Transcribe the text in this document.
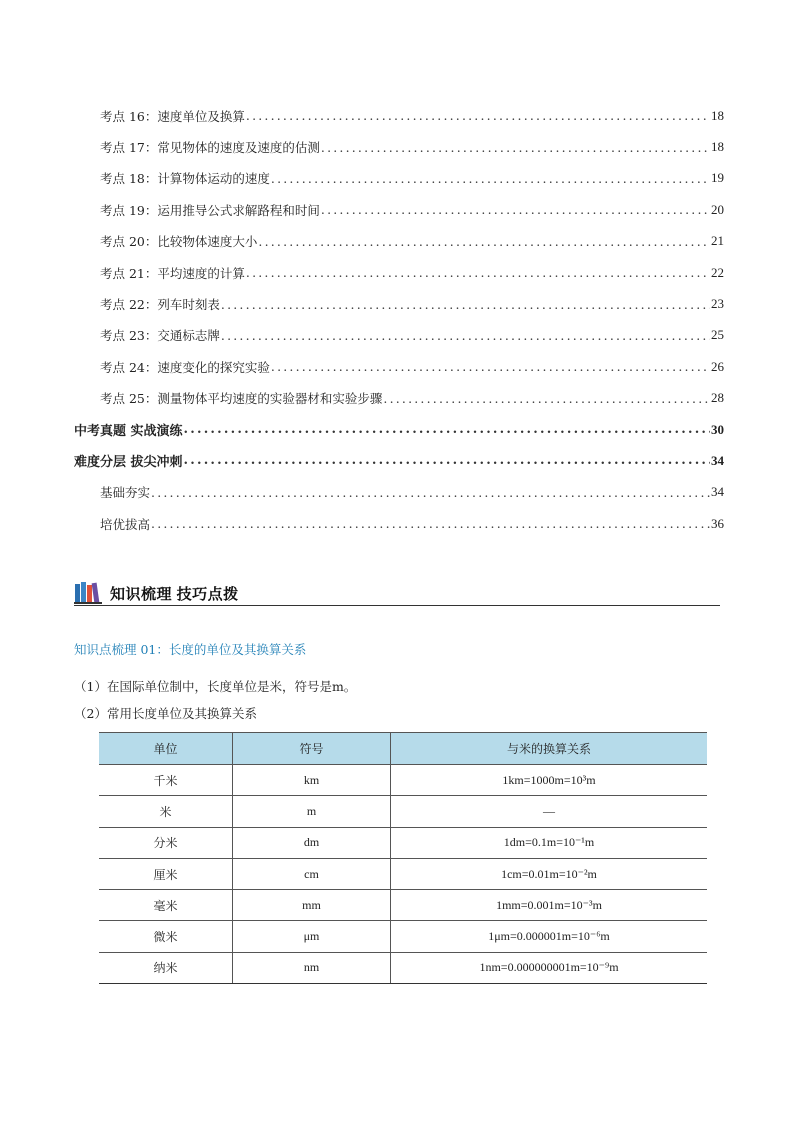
考点 16：速度单位及换算 .....	18
考点 17：常见物体的速度及速度的估测 .....	18
考点 18：计算物体运动的速度 .....	19
考点 19：运用推导公式求解路程和时间 .....	20
考点 20：比较物体速度大小 .....	21
考点 21：平均速度的计算 .....	22
考点 22：列车时刻表 .....	23
考点 23：交通标志牌 .....	25
考点 24：速度变化的探究实验 .....	26
考点 25：测量物体平均速度的实验器材和实验步骤 .....	28
中考真题 实战演练 .....	30
难度分层 拔尖冲刺 .....	34
基础夯实 .....	34
培优拔高 .....	36
知识梳理 技巧点拨
知识点梳理 01：长度的单位及其换算关系
（1）在国际单位制中，长度单位是米，符号是m。
（2）常用长度单位及其换算关系
单位	符号	与米的换算关系
千米	km	1km=1000m=10³m
米	m	—
分米	dm	1dm=0.1m=10⁻¹m
厘米	cm	1cm=0.01m=10⁻²m
毫米	mm	1mm=0.001m=10⁻³m
微米	μm	1μm=0.000001m=10⁻⁶m
纳米	nm	1nm=0.000000001m=10⁻⁹m
